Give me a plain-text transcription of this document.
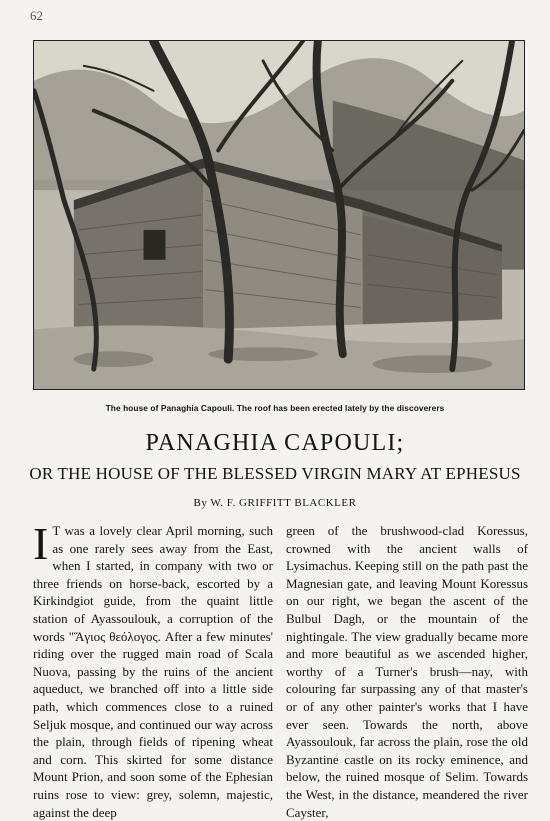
62
The house of Panaghia Capouli. The roof has been erected lately by the discoverers
PANAGHIA CAPOULI;
OR THE HOUSE OF THE BLESSED VIRGIN MARY AT EPHESUS
By W. F. GRIFFITT BLACKLER

I T was a lovely clear April morning, such as one rarely sees away from the East, when I started, in company with two or three friends on horse-back, escorted by a Kirkindgiot guide, from the quaint little station of Ayassoulouk, a corruption of the words "Ἅγιος θεόλογος. After a few minutes' riding over the rugged main road of Scala Nuova, passing by the ruins of the ancient aqueduct, we branched off into a little side path, which commences close to a ruined Seljuk mosque, and continued our way across the plain, through fields of ripening wheat and corn. This skirted for some distance Mount Prion, and soon some of the Ephesian ruins rose to view: grey, solemn, majestic, against the deep

green of the brushwood-clad Koressus, crowned with the ancient walls of Lysimachus. Keeping still on the path past the Magnesian gate, and leaving Mount Koressus on our right, we began the ascent of the Bulbul Dagh, or the mountain of the nightingale. The view gradually became more and more beautiful as we ascended higher, worthy of a Turner's brush—nay, with colouring far surpassing any of that master's or of any other painter's works that I have ever seen. Towards the north, above Ayassoulouk, far across the plain, rose the old Byzantine castle on its rocky eminence, and below, the ruined mosque of Selim. Towards the West, in the distance, meandered the river Cayster,
